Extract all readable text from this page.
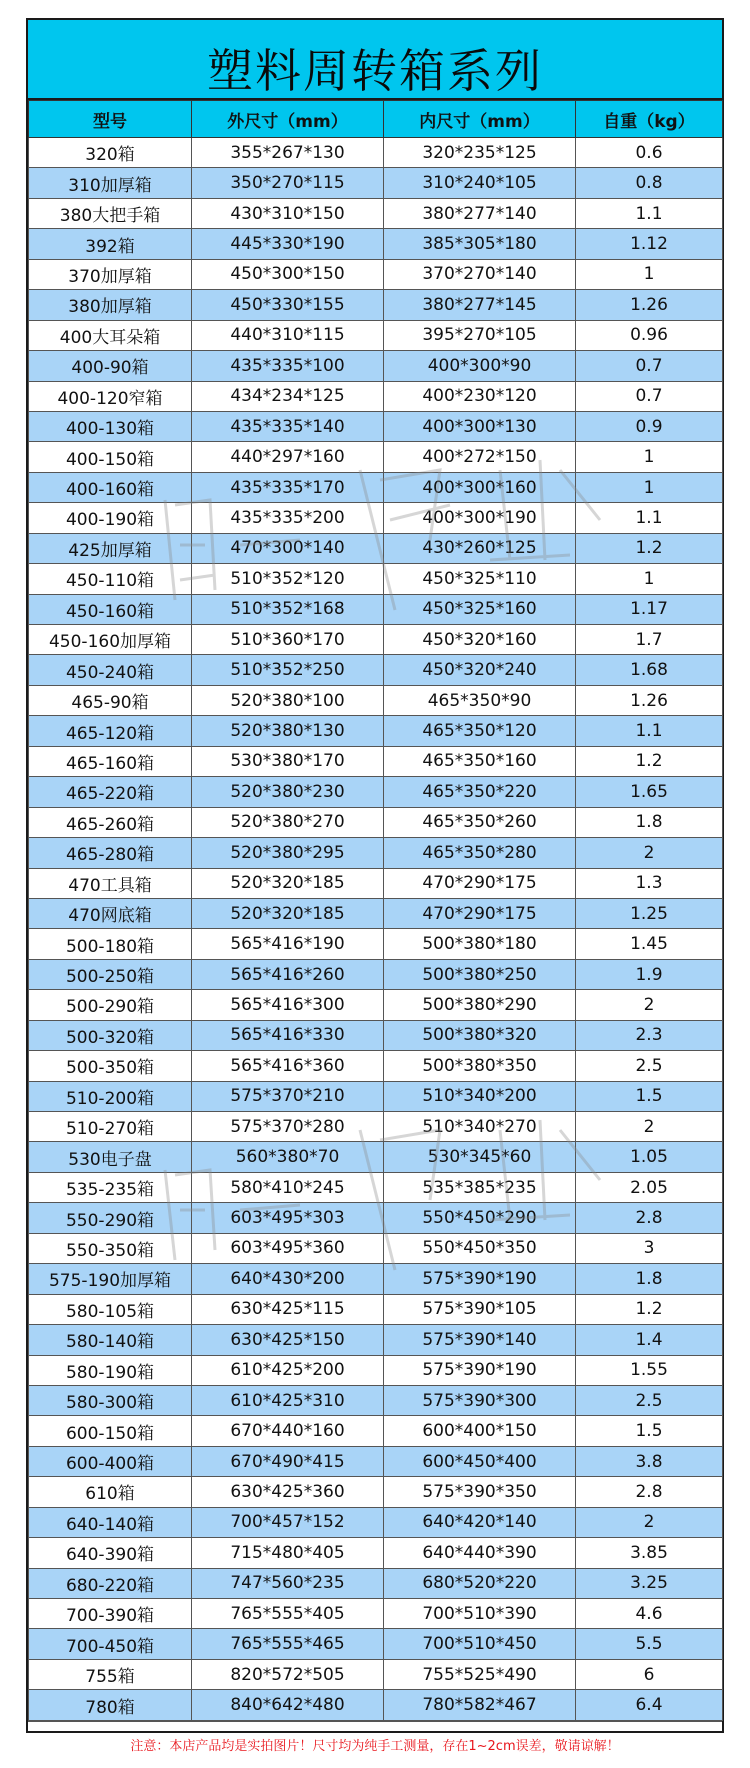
塑料周转箱系列
型号	外尺寸（mm）	内尺寸（mm）	自重（kg）
320箱	355*267*130	320*235*125	0.6
310加厚箱	350*270*115	310*240*105	0.8
380大把手箱	430*310*150	380*277*140	1.1
392箱	445*330*190	385*305*180	1.12
370加厚箱	450*300*150	370*270*140	1
380加厚箱	450*330*155	380*277*145	1.26
400大耳朵箱	440*310*115	395*270*105	0.96
400-90箱	435*335*100	400*300*90	0.7
400-120窄箱	434*234*125	400*230*120	0.7
400-130箱	435*335*140	400*300*130	0.9
400-150箱	440*297*160	400*272*150	1
400-160箱	435*335*170	400*300*160	1
400-190箱	435*335*200	400*300*190	1.1
425加厚箱	470*300*140	430*260*125	1.2
450-110箱	510*352*120	450*325*110	1
450-160箱	510*352*168	450*325*160	1.17
450-160加厚箱	510*360*170	450*320*160	1.7
450-240箱	510*352*250	450*320*240	1.68
465-90箱	520*380*100	465*350*90	1.26
465-120箱	520*380*130	465*350*120	1.1
465-160箱	530*380*170	465*350*160	1.2
465-220箱	520*380*230	465*350*220	1.65
465-260箱	520*380*270	465*350*260	1.8
465-280箱	520*380*295	465*350*280	2
470工具箱	520*320*185	470*290*175	1.3
470网底箱	520*320*185	470*290*175	1.25
500-180箱	565*416*190	500*380*180	1.45
500-250箱	565*416*260	500*380*250	1.9
500-290箱	565*416*300	500*380*290	2
500-320箱	565*416*330	500*380*320	2.3
500-350箱	565*416*360	500*380*350	2.5
510-200箱	575*370*210	510*340*200	1.5
510-270箱	575*370*280	510*340*270	2
530电子盘	560*380*70	530*345*60	1.05
535-235箱	580*410*245	535*385*235	2.05
550-290箱	603*495*303	550*450*290	2.8
550-350箱	603*495*360	550*450*350	3
575-190加厚箱	640*430*200	575*390*190	1.8
580-105箱	630*425*115	575*390*105	1.2
580-140箱	630*425*150	575*390*140	1.4
580-190箱	610*425*200	575*390*190	1.55
580-300箱	610*425*310	575*390*300	2.5
600-150箱	670*440*160	600*400*150	1.5
600-400箱	670*490*415	600*450*400	3.8
610箱	630*425*360	575*390*350	2.8
640-140箱	700*457*152	640*420*140	2
640-390箱	715*480*405	640*440*390	3.85
680-220箱	747*560*235	680*520*220	3.25
700-390箱	765*555*405	700*510*390	4.6
700-450箱	765*555*465	700*510*450	5.5
755箱	820*572*505	755*525*490	6
780箱	840*642*480	780*582*467	6.4
注意：本店产品均是实拍图片！尺寸均为纯手工测量，存在1~2cm误差，敬请谅解！
